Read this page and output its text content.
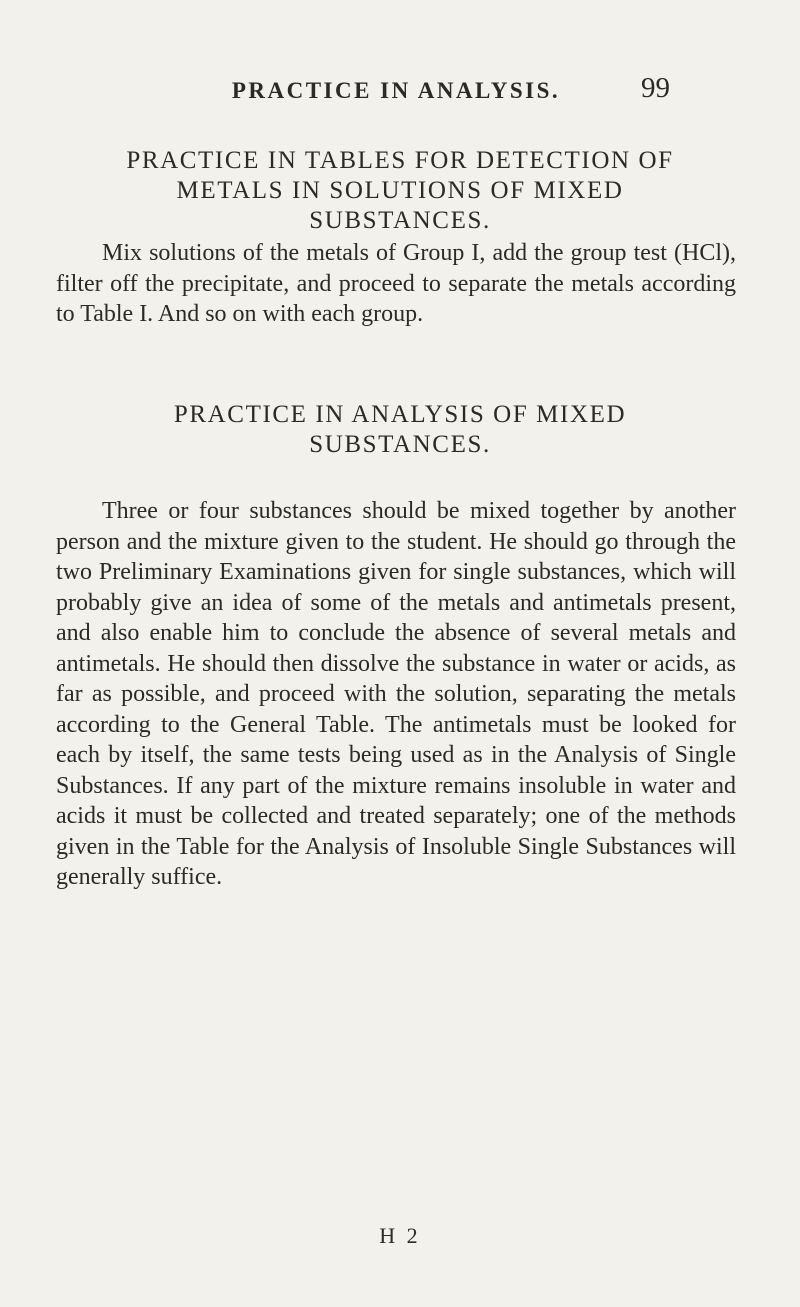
PRACTICE IN ANALYSIS.	99
PRACTICE IN TABLES FOR DETECTION OF METALS IN SOLUTIONS OF MIXED SUBSTANCES.

Mix solutions of the metals of Group I, add the group test (HCl), filter off the precipitate, and proceed to separate the metals according to Table I. And so on with each group.

PRACTICE IN ANALYSIS OF MIXED SUBSTANCES.

Three or four substances should be mixed together by another person and the mixture given to the student. He should go through the two Preliminary Examinations given for single substances, which will probably give an idea of some of the metals and antimetals present, and also enable him to conclude the absence of several metals and antimetals. He should then dissolve the substance in water or acids, as far as possible, and proceed with the solution, separating the metals according to the General Table. The antimetals must be looked for each by itself, the same tests being used as in the Analysis of Single Substances. If any part of the mixture remains insoluble in water and acids it must be collected and treated separately; one of the methods given in the Table for the Analysis of Insoluble Single Substances will generally suffice.

H 2
